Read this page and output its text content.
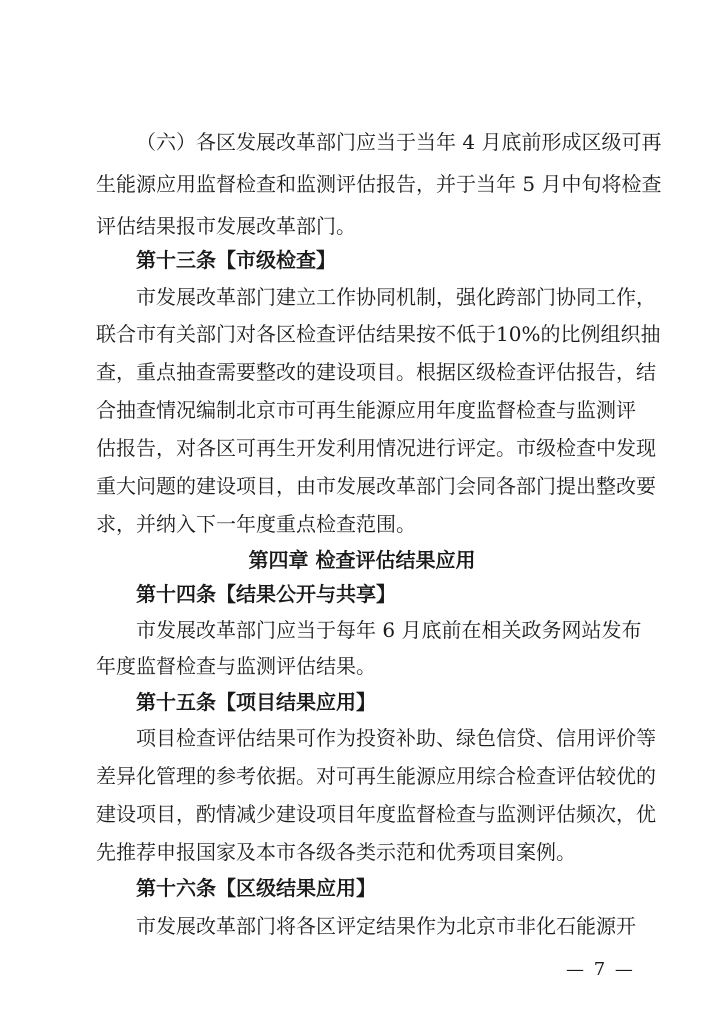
（六）各区发展改革部门应当于当年 4 月底前形成区级可再
生能源应用监督检查和监测评估报告，并于当年 5 月中旬将检查
评估结果报市发展改革部门。
第十三条【市级检查】
市发展改革部门建立工作协同机制，强化跨部门协同工作，
联合市有关部门对各区检查评估结果按不低于10%的比例组织抽
查，重点抽查需要整改的建设项目。根据区级检查评估报告，结
合抽查情况编制北京市可再生能源应用年度监督检查与监测评
估报告，对各区可再生开发利用情况进行评定。市级检查中发现
重大问题的建设项目，由市发展改革部门会同各部门提出整改要
求，并纳入下一年度重点检查范围。
第四章 检查评估结果应用
第十四条【结果公开与共享】
市发展改革部门应当于每年 6 月底前在相关政务网站发布
年度监督检查与监测评估结果。
第十五条【项目结果应用】
项目检查评估结果可作为投资补助、绿色信贷、信用评价等
差异化管理的参考依据。对可再生能源应用综合检查评估较优的
建设项目，酌情减少建设项目年度监督检查与监测评估频次，优
先推荐申报国家及本市各级各类示范和优秀项目案例。
第十六条【区级结果应用】
市发展改革部门将各区评定结果作为北京市非化石能源开
— 7 —
